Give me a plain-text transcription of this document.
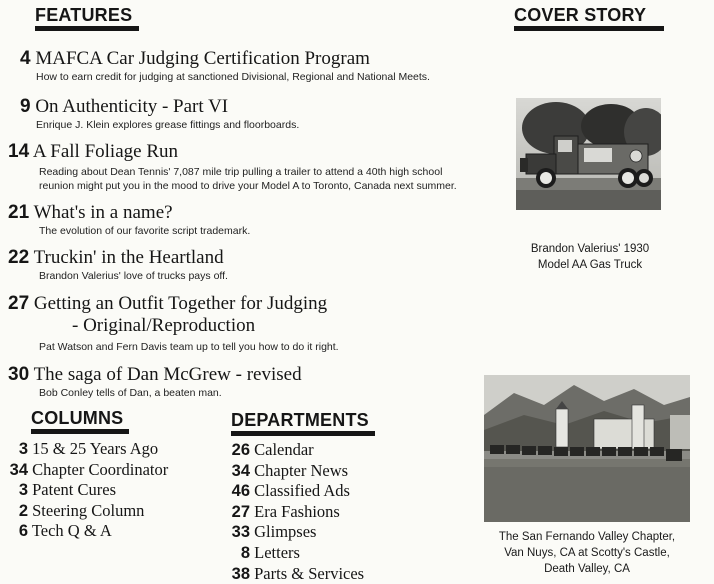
FEATURES
4 MAFCA Car Judging Certification Program
How to earn credit for judging at sanctioned Divisional, Regional and National Meets.
9 On Authenticity - Part VI
Enrique J. Klein explores grease fittings and floorboards.
14 A Fall Foliage Run
Reading about Dean Tennis' 7,087 mile trip pulling a trailer to attend a 40th high school
reunion might put you in the mood to drive your Model A to Toronto, Canada next summer.
21 What's in a name?
The evolution of our favorite script trademark.
22 Truckin' in the Heartland
Brandon Valerius' love of trucks pays off.
27 Getting an Outfit Together for Judging
- Original/Reproduction
Pat Watson and Fern Davis team up to tell you how to do it right.
30 The saga of Dan McGrew - revised
Bob Conley tells of Dan, a beaten man.
COLUMNS
3 15 & 25 Years Ago
34 Chapter Coordinator
3 Patent Cures
2 Steering Column
6 Tech Q & A
DEPARTMENTS
26 Calendar
34 Chapter News
46 Classified Ads
27 Era Fashions
33 Glimpses
8 Letters
38 Parts & Services
COVER STORY
Brandon Valerius' 1930
Model AA Gas Truck
The San Fernando Valley Chapter,
Van Nuys, CA at Scotty's Castle,
Death Valley, CA
